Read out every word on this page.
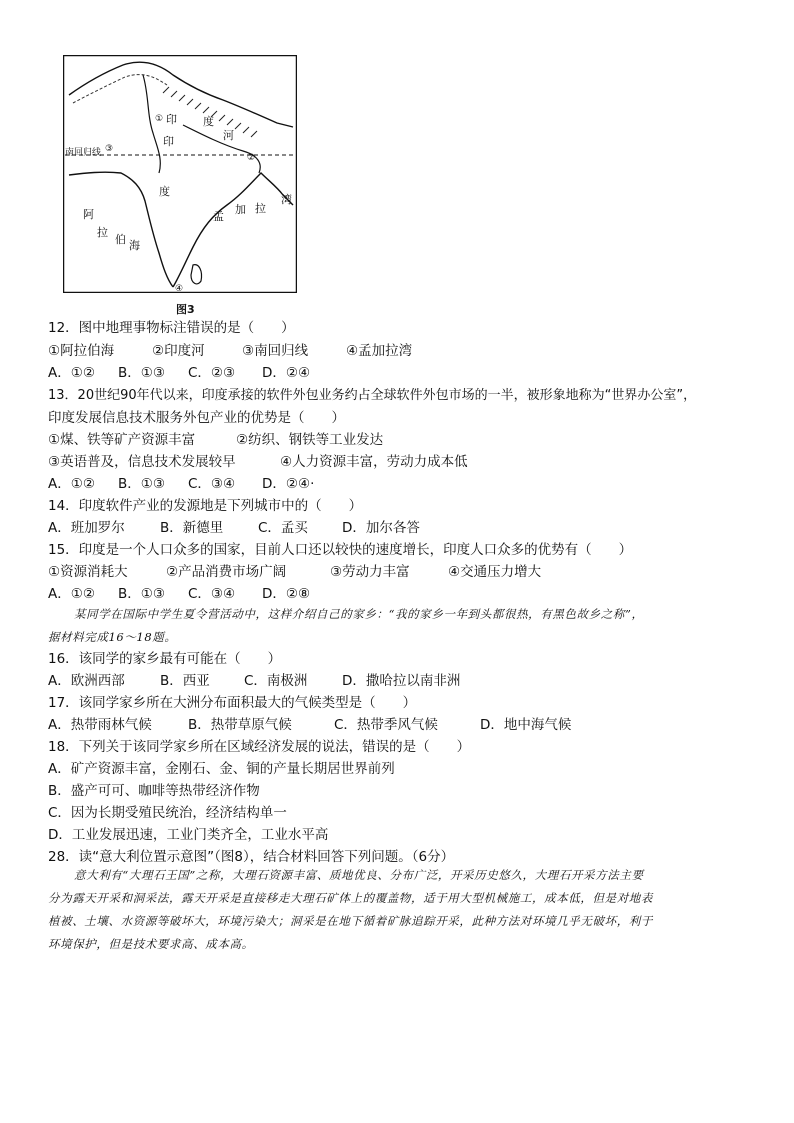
南回归线
印 度
河
印
度
阿
拉
伯 海
孟
加 拉
湾
①
②
③
④
图3
12．图中地理事物标注错误的是（　　）
①阿拉伯海	②印度河	③南回归线	④孟加拉湾
A．①② B．①③ C．②③ D．②④
13．20世纪90年代以来，印度承接的软件外包业务约占全球软件外包市场的一半，被形象地称为“世界办公室”，
印度发展信息技术服务外包产业的优势是（　　）
①煤、铁等矿产资源丰富	②纺织、钢铁等工业发达
③英语普及，信息技术发展较早	④人力资源丰富，劳动力成本低
A．①② B．①③ C．③④ D．②④·
14．印度软件产业的发源地是下列城市中的（　　）
A．班加罗尔	B．新德里	C．孟买	D．加尔各答
15．印度是一个人口众多的国家，目前人口还以较快的速度增长，印度人口众多的优势有（　　）
①资源消耗大	②产品消费市场广阔	③劳动力丰富	④交通压力增大
A．①② B．①③ C．③④ D．②⑧
某同学在国际中学生夏令营活动中，这样介绍自己的家乡：“我的家乡一年到头都很热，有黑色故乡之称”，
据材料完成16～18题。
16．该同学的家乡最有可能在（　　）
A．欧洲西部	B．西亚	C．南极洲	D．撒哈拉以南非洲
17．该同学家乡所在大洲分布面积最大的气候类型是（　　）
A．热带雨林气候	B．热带草原气候	C．热带季风气候	D．地中海气候
18．下列关于该同学家乡所在区域经济发展的说法，错误的是（　　）
A．矿产资源丰富，金刚石、金、铜的产量长期居世界前列
B．盛产可可、咖啡等热带经济作物
C．因为长期受殖民统治，经济结构单一
D．工业发展迅速，工业门类齐全，工业水平高
28．读“意大利位置示意图”（图8），结合材料回答下列问题。（6分）
意大利有“大理石王国”之称，大理石资源丰富、质地优良、分布广泛，开采历史悠久，大理石开采方法主要
分为露天开采和洞采法，露天开采是直接移走大理石矿体上的覆盖物，适于用大型机械施工，成本低，但是对地表
植被、土壤、水资源等破坏大，环境污染大；洞采是在地下循着矿脉追踪开采，此种方法对环境几乎无破坏，利于
环境保护，但是技术要求高、成本高。
